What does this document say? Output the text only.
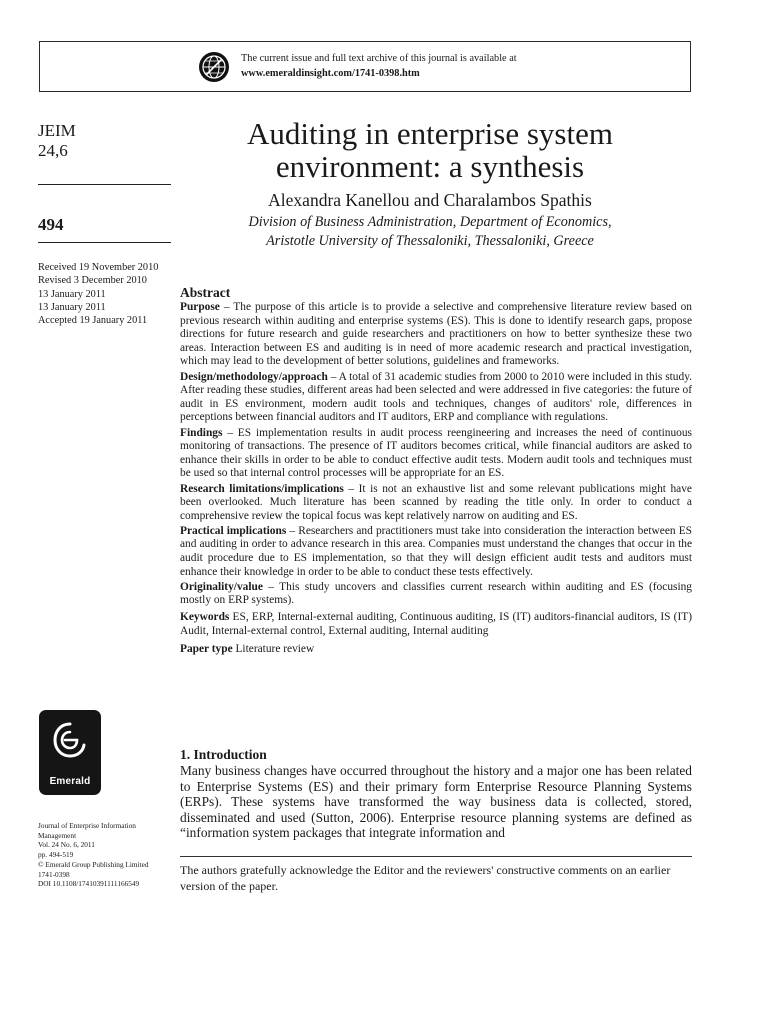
The current issue and full text archive of this journal is available at
www.emeraldinsight.com/1741-0398.htm
JEIM
24,6
494
Received 19 November 2010
Revised 3 December 2010
13 January 2011
13 January 2011
Accepted 19 January 2011
Emerald
Journal of Enterprise Information
Management
Vol. 24 No. 6, 2011
pp. 494-519
© Emerald Group Publishing Limited
1741-0398
DOI 10.1108/17410391111166549
Auditing in enterprise system
environment: a synthesis
Alexandra Kanellou and Charalambos Spathis
Division of Business Administration, Department of Economics,
Aristotle University of Thessaloniki, Thessaloniki, Greece
Abstract

Purpose – The purpose of this article is to provide a selective and comprehensive literature review based on previous research within auditing and enterprise systems (ES). This is done to identify research gaps, propose directions for future research and guide researchers and practitioners on how to better synthesize these two areas. Interaction between ES and auditing is in need of more academic research and practical investigation, which may lead to the development of better solutions, guidelines and frameworks.

Design/methodology/approach – A total of 31 academic studies from 2000 to 2010 were included in this study. After reading these studies, different areas had been selected and were addressed in five categories: the future of audit in ES environment, modern audit tools and techniques, changes of auditors' role, differences in perceptions between financial auditors and IT auditors, ERP and compliance with regulations.

Findings – ES implementation results in audit process reengineering and increases the need of continuous monitoring of transactions. The presence of IT auditors becomes critical, while financial auditors are asked to enhance their skills in order to be able to conduct effective audit tests. Modern audit tools and techniques must be used so that internal control processes will be appropriate for an ES.

Research limitations/implications – It is not an exhaustive list and some relevant publications might have been overlooked. Much literature has been scanned by reading the title only. In order to conduct a comprehensive review the topical focus was kept relatively narrow on auditing and ES.

Practical implications – Researchers and practitioners must take into consideration the interaction between ES and auditing in order to advance research in this area. Companies must understand the changes that occur in the audit procedure due to ES implementation, so that they will design efficient audit tests and auditors must enhance their knowledge in order to be able to conduct these tests effectively.

Originality/value – This study uncovers and classifies current research within auditing and ES (focusing mostly on ERP systems).

Keywords ES, ERP, Internal-external auditing, Continuous auditing, IS (IT) auditors-financial auditors, IS (IT) Audit, Internal-external control, External auditing, Internal auditing

Paper type Literature review

1. Introduction

Many business changes have occurred throughout the history and a major one has been related to Enterprise Systems (ES) and their primary form Enterprise Resource Planning Systems (ERPs). These systems have transformed the way business data is collected, stored, disseminated and used (Sutton, 2006). Enterprise resource planning systems are defined as “information system packages that integrate information and

The authors gratefully acknowledge the Editor and the reviewers' constructive comments on an earlier version of the paper.
